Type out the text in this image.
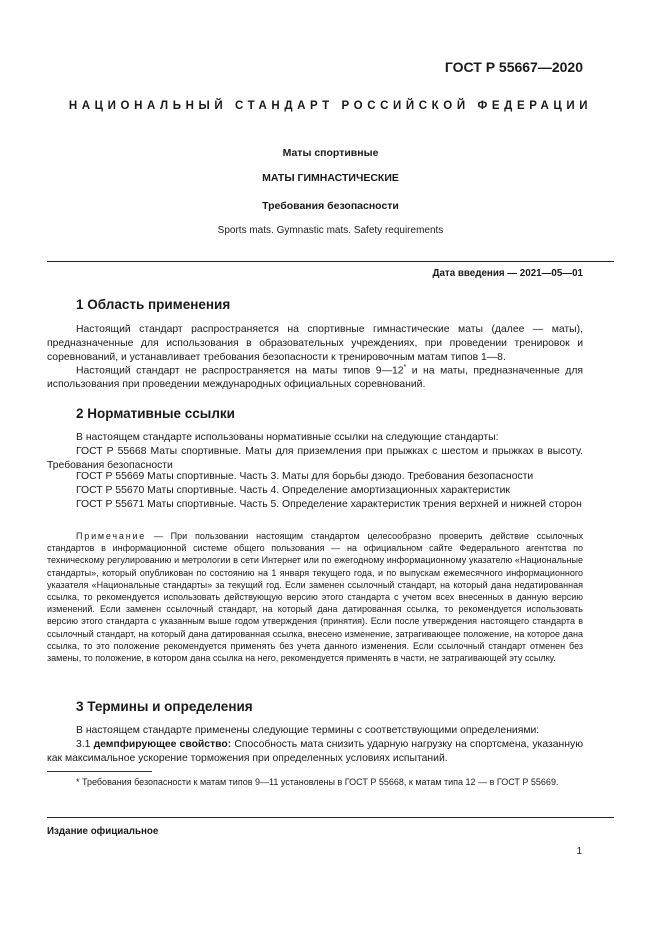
ГОСТ Р 55667—2020
НАЦИОНАЛЬНЫЙ СТАНДАРТ РОССИЙСКОЙ ФЕДЕРАЦИИ
Маты спортивные
МАТЫ ГИМНАСТИЧЕСКИЕ
Требования безопасности
Sports mats. Gymnastic mats. Safety requirements
Дата введения — 2021—05—01
1 Область применения
Настоящий стандарт распространяется на спортивные гимнастические маты (далее — маты), предназначенные для использования в образовательных учреждениях, при проведении тренировок и соревнований, и устанавливает требования безопасности к тренировочным матам типов 1—8.
Настоящий стандарт не распространяется на маты типов 9—12* и на маты, предназначенные для использования при проведении международных официальных соревнований.
2 Нормативные ссылки
В настоящем стандарте использованы нормативные ссылки на следующие стандарты:
ГОСТ Р 55668 Маты спортивные. Маты для приземления при прыжках с шестом и прыжках в высоту. Требования безопасности
ГОСТ Р 55669 Маты спортивные. Часть 3. Маты для борьбы дзюдо. Требования безопасности
ГОСТ Р 55670 Маты спортивные. Часть 4. Определение амортизационных характеристик
ГОСТ Р 55671 Маты спортивные. Часть 5. Определение характеристик трения верхней и нижней сторон
Примечание — При пользовании настоящим стандартом целесообразно проверить действие ссылочных стандартов в информационной системе общего пользования — на официальном сайте Федерального агентства по техническому регулированию и метрологии в сети Интернет или по ежегодному информационному указателю «Национальные стандарты», который опубликован по состоянию на 1 января текущего года, и по выпускам ежемесячного информационного указателя «Национальные стандарты» за текущий год. Если заменен ссылочный стандарт, на который дана недатированная ссылка, то рекомендуется использовать действующую версию этого стандарта с учетом всех внесенных в данную версию изменений. Если заменен ссылочный стандарт, на который дана датированная ссылка, то рекомендуется использовать версию этого стандарта с указанным выше годом утверждения (принятия). Если после утверждения настоящего стандарта в ссылочный стандарт, на который дана датированная ссылка, внесено изменение, затрагивающее положение, на которое дана ссылка, то это положение рекомендуется применять без учета данного изменения. Если ссылочный стандарт отменен без замены, то положение, в котором дана ссылка на него, рекомендуется применять в части, не затрагивающей эту ссылку.
3 Термины и определения
В настоящем стандарте применены следующие термины с соответствующими определениями:
3.1 демпфирующее свойство: Способность мата снизить ударную нагрузку на спортсмена, указанную как максимальное ускорение торможения при определенных условиях испытаний.
* Требования безопасности к матам типов 9—11 установлены в ГОСТ Р 55668, к матам типа 12 — в ГОСТ Р 55669.
Издание официальное
1
